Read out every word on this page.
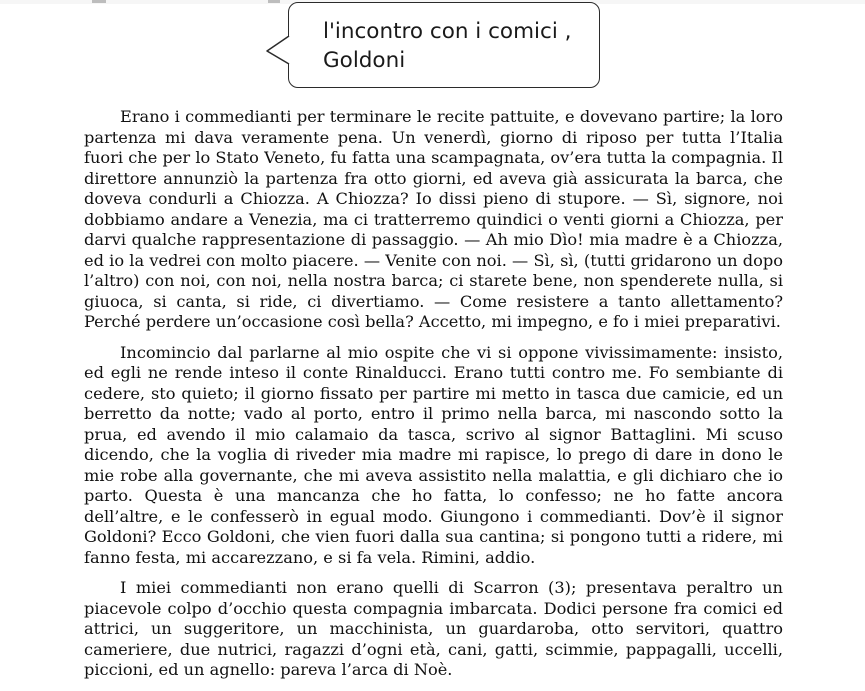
l'incontro con i comici ,
Goldoni

Erano i commedianti per terminare le recite pattuite, e dovevano partire; la loro partenza mi dava veramente pena. Un venerdì, giorno di riposo per tutta l’Italia fuori che per lo Stato Veneto, fu fatta una scampagnata, ov’era tutta la compagnia. Il direttore annunziò la partenza fra otto giorni, ed aveva già assicurata la barca, che doveva condurli a Chiozza. A Chiozza? Io dissi pieno di stupore. — Sì, signore, noi dobbiamo andare a Venezia, ma ci tratterremo quindici o venti giorni a Chiozza, per darvi qualche rappresentazione di passaggio. — Ah mio Dìo! mia madre è a Chiozza, ed io la vedrei con molto piacere. — Venite con noi. — Sì, sì, (tutti gridarono un dopo l’altro) con noi, con noi, nella nostra barca; ci starete bene, non spenderete nulla, si giuoca, si canta, si ride, ci divertiamo. — Come resistere a tanto allettamento? Perché perdere un’occasione così bella? Accetto, mi impegno, e fo i miei preparativi.

Incomincio dal parlarne al mio ospite che vi si oppone vivissimamente: insisto, ed egli ne rende inteso il conte Rinalducci. Erano tutti contro me. Fo sembiante di cedere, sto quieto; il giorno fissato per partire mi metto in tasca due camicie, ed un berretto da notte; vado al porto, entro il primo nella barca, mi nascondo sotto la prua, ed avendo il mio calamaio da tasca, scrivo al signor Battaglini. Mi scuso dicendo, che la voglia di riveder mia madre mi rapisce, lo prego di dare in dono le mie robe alla governante, che mi aveva assistito nella malattia, e gli dichiaro che io parto. Questa è una mancanza che ho fatta, lo confesso; ne ho fatte ancora dell’altre, e le confesserò in egual modo. Giungono i commedianti. Dov’è il signor Goldoni? Ecco Goldoni, che vien fuori dalla sua cantina; si pongono tutti a ridere, mi fanno festa, mi accarezzano, e si fa vela. Rimini, addio.

I miei commedianti non erano quelli di Scarron (3); presentava peraltro un piacevole colpo d’occhio questa compagnia imbarcata. Dodici persone fra comici ed attrici, un suggeritore, un macchinista, un guardaroba, otto servitori, quattro cameriere, due nutrici, ragazzi d’ogni età, cani, gatti, scimmie, pappagalli, uccelli, piccioni, ed un agnello: pareva l’arca di Noè.
